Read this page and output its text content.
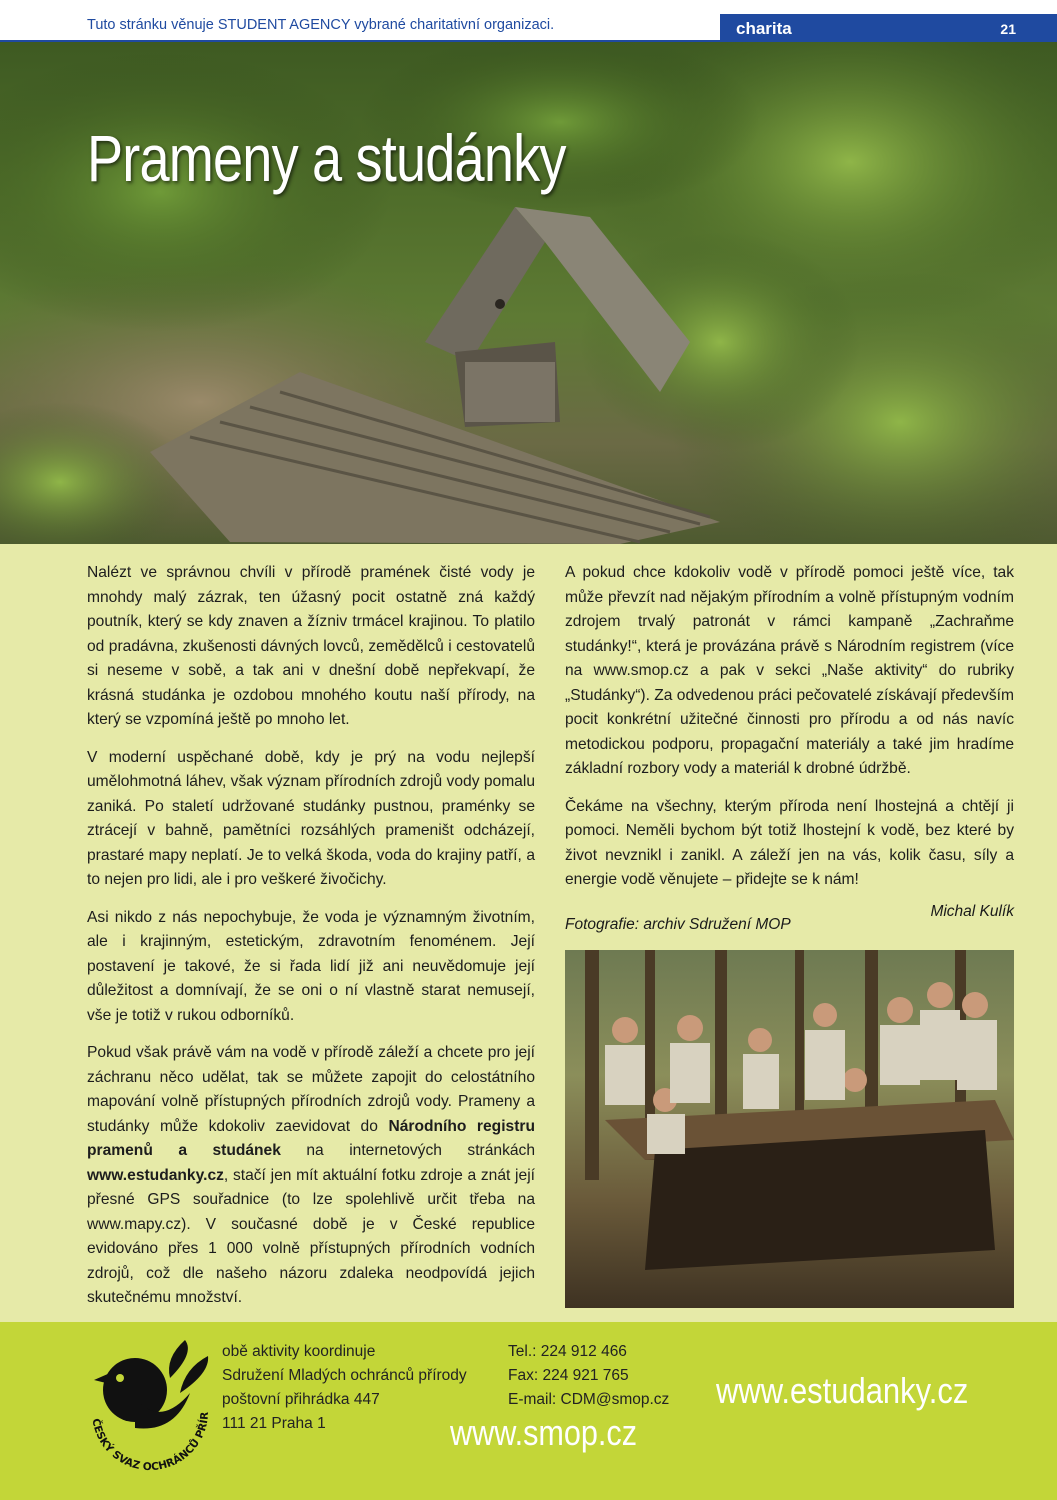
Tuto stránku věnuje STUDENT AGENCY vybrané charitativní organizaci.	charita	21
Prameny a studánky

Nalézt ve správnou chvíli v přírodě pramének čisté vody je mnohdy malý zázrak, ten úžasný pocit ostatně zná každý poutník, který se kdy znaven a žízniv trmácel krajinou. To platilo od pradávna, zkušenosti dávných lovců, zemědělců i cestovatelů si neseme v sobě, a tak ani v dnešní době nepřekvapí, že krásná studánka je ozdobou mnohého koutu naší přírody, na který se vzpomíná ještě po mnoho let.

V moderní uspěchané době, kdy je prý na vodu nejlepší umělohmotná láhev, však význam přírodních zdrojů vody pomalu zaniká. Po staletí udržované studánky pustnou, praménky se ztrácejí v bahně, pamětníci rozsáhlých prameništ odcházejí, prastaré mapy neplatí. Je to velká škoda, voda do krajiny patří, a to nejen pro lidi, ale i pro veškeré živočichy.

Asi nikdo z nás nepochybuje, že voda je významným životním, ale i krajinným, estetickým, zdravotním fenoménem. Její postavení je takové, že si řada lidí již ani neuvědomuje její důležitost a domnívají, že se oni o ní vlastně starat nemusejí, vše je totiž v rukou odborníků.

Pokud však právě vám na vodě v přírodě záleží a chcete pro její záchranu něco udělat, tak se můžete zapojit do celostátního mapování volně přístupných přírodních zdrojů vody. Prameny a studánky může kdokoliv zaevidovat do Národního registru pramenů a studánek na internetových stránkách www.estudanky.cz, stačí jen mít aktuální fotku zdroje a znát její přesné GPS souřadnice (to lze spolehlivě určit třeba na www.mapy.cz). V současné době je v České republice evidováno přes 1 000 volně přístupných přírodních vodních zdrojů, což dle našeho názoru zdaleka neodpovídá jejich skutečnému množství.

A pokud chce kdokoliv vodě v přírodě pomoci ještě více, tak může převzít nad nějakým přírodním a volně přístupným vodním zdrojem trvalý patronát v rámci kampaně „Zachraňme studánky!“, která je provázána právě s Národním registrem (více na www.smop.cz a pak v sekci „Naše aktivity“ do rubriky „Studánky“). Za odvedenou práci pečovatelé získávají především pocit konkrétní užitečné činnosti pro přírodu a od nás navíc metodickou podporu, propagační materiály a také jim hradíme základní rozbory vody a materiál k drobné údržbě.

Čekáme na všechny, kterým příroda není lhostejná a chtějí ji pomoci. Neměli bychom být totiž lhostejní k vodě, bez které by život nevznikl i zanikl. A záleží jen na vás, kolik času, síly a energie vodě věnujete – přidejte se k nám!

Fotografie: archiv Sdružení MOP
Michal Kulík
ČESKÝ SVAZ OCHRÁNCŮ PŘÍR
obě aktivity koordinuje
Sdružení Mladých ochránců přírody
poštovní přihrádka 447
111 21 Praha 1
Tel.: 224 912 466
Fax: 224 921 765
E-mail: CDM@smop.cz www.estudanky.cz
www.smop.cz
